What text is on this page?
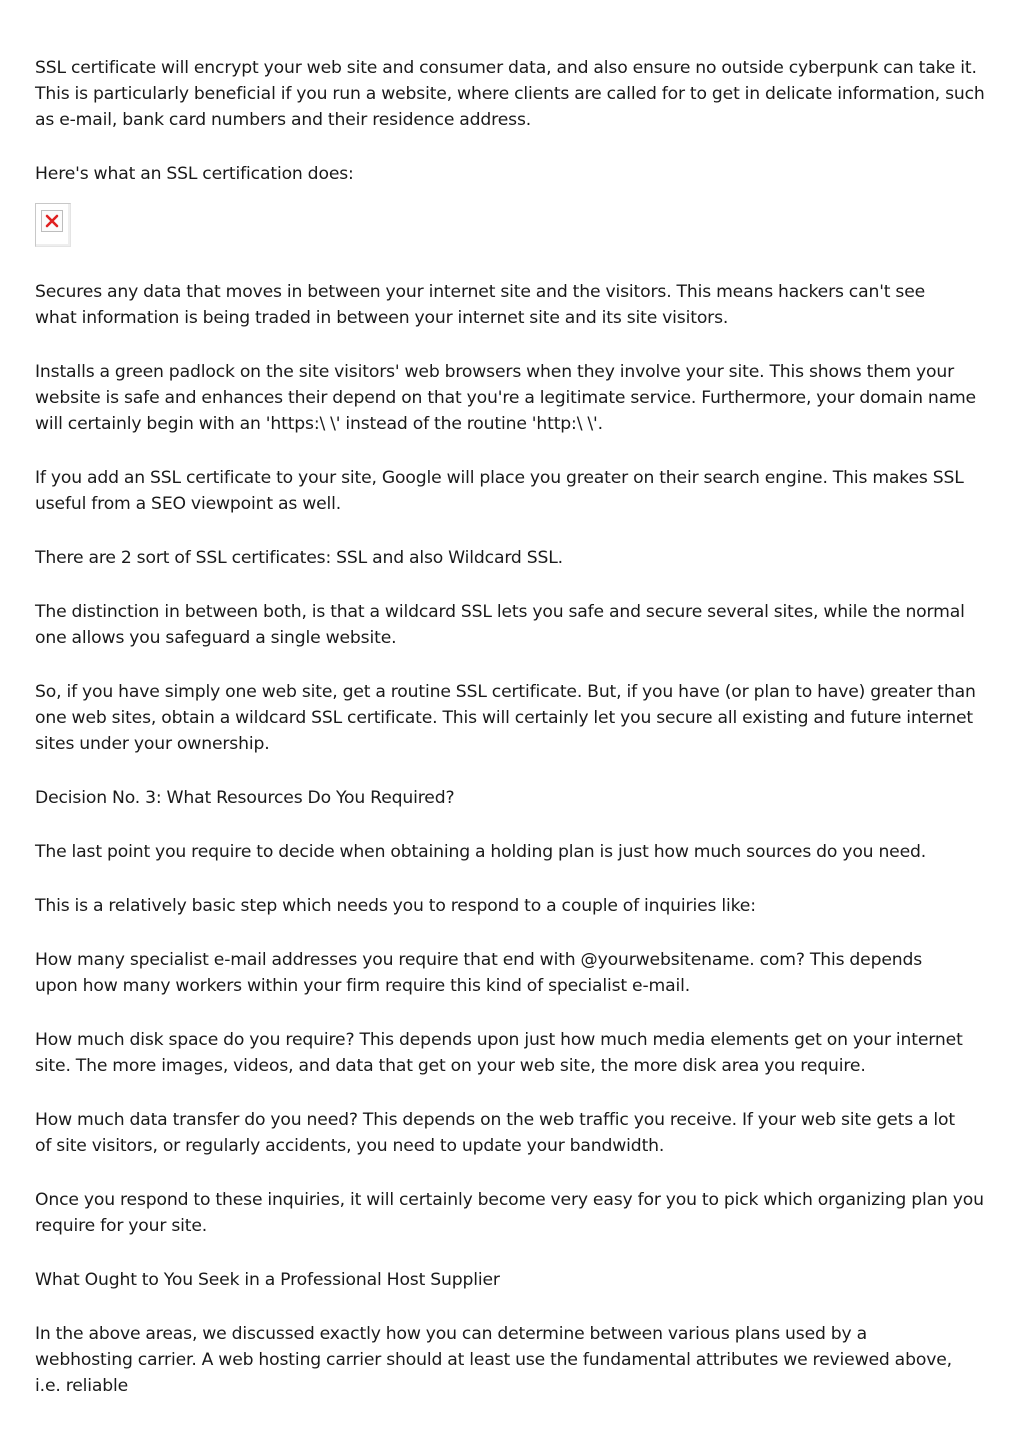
SSL certificate will encrypt your web site and consumer data, and also ensure no outside cyberpunk can take it. This is particularly beneficial if you run a website, where clients are called for to get in delicate information, such as e-mail, bank card numbers and their residence address.

Here's what an SSL certification does:

Secures any data that moves in between your internet site and the visitors. This means hackers can't see what information is being traded in between your internet site and its site visitors.

Installs a green padlock on the site visitors' web browsers when they involve your site. This shows them your website is safe and enhances their depend on that you're a legitimate service. Furthermore, your domain name will certainly begin with an 'https:\ \' instead of the routine 'http:\ \'.

If you add an SSL certificate to your site, Google will place you greater on their search engine. This makes SSL useful from a SEO viewpoint as well.

There are 2 sort of SSL certificates: SSL and also Wildcard SSL.

The distinction in between both, is that a wildcard SSL lets you safe and secure several sites, while the normal one allows you safeguard a single website.

So, if you have simply one web site, get a routine SSL certificate. But, if you have (or plan to have) greater than one web sites, obtain a wildcard SSL certificate. This will certainly let you secure all existing and future internet sites under your ownership.

Decision No. 3: What Resources Do You Required?

The last point you require to decide when obtaining a holding plan is just how much sources do you need.

This is a relatively basic step which needs you to respond to a couple of inquiries like:

How many specialist e-mail addresses you require that end with @yourwebsitename. com? This depends upon how many workers within your firm require this kind of specialist e-mail.

How much disk space do you require? This depends upon just how much media elements get on your internet site. The more images, videos, and data that get on your web site, the more disk area you require.

How much data transfer do you need? This depends on the web traffic you receive. If your web site gets a lot of site visitors, or regularly accidents, you need to update your bandwidth.

Once you respond to these inquiries, it will certainly become very easy for you to pick which organizing plan you require for your site.

What Ought to You Seek in a Professional Host Supplier

In the above areas, we discussed exactly how you can determine between various plans used by a webhosting carrier. A web hosting carrier should at least use the fundamental attributes we reviewed above, i.e. reliable
